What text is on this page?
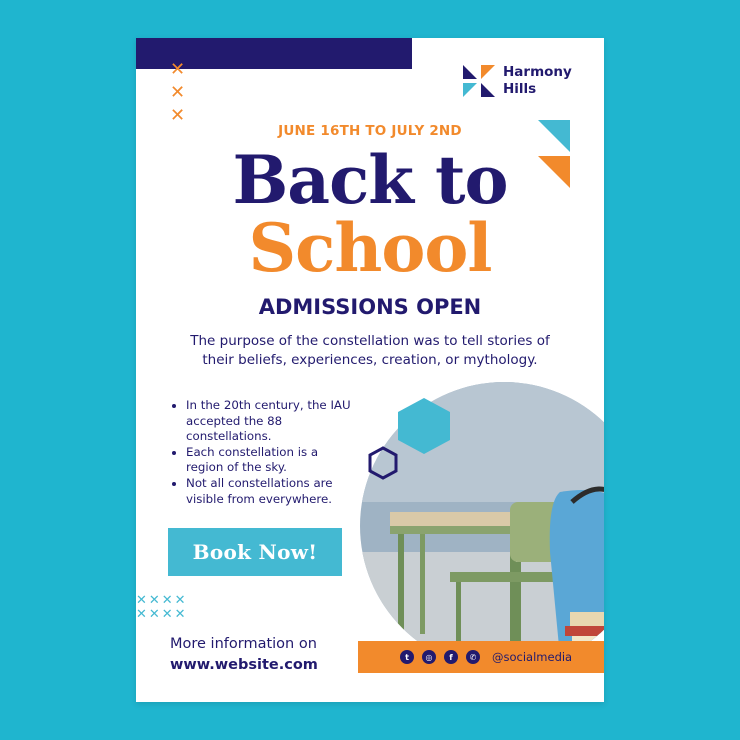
✕
✕
✕
Harmony
Hills
JUNE 16TH TO JULY 2ND
Back to
School
ADMISSIONS OPEN
The purpose of the constellation was to tell stories of their beliefs, experiences, creation, or mythology.
• In the 20th century, the IAU accepted the 88 constellations.
• Each constellation is a region of the sky.
• Not all constellations are visible from everywhere.
Book Now!
✕✕✕✕
✕✕✕✕
More information on
www.website.com	t	◎	f	✆	@socialmedia
